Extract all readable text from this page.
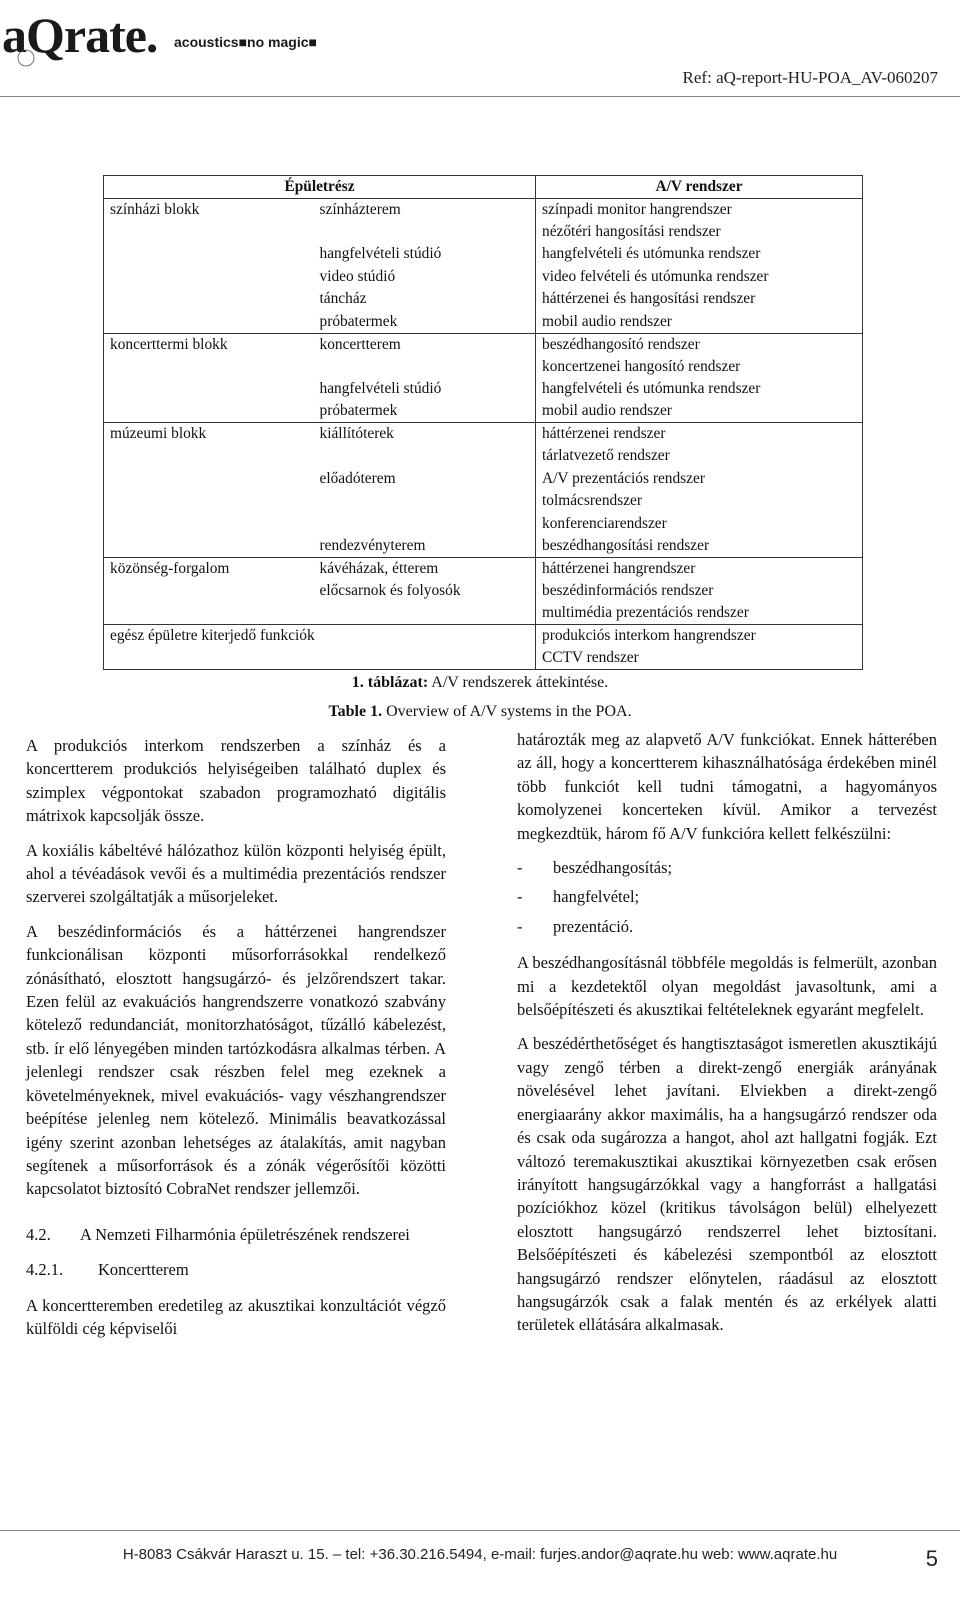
aQrate. acoustics■no magic■
Ref: aQ-report-HU-POA_AV-060207
Épületrész		A/V rendszer
színházi blokk	színházterem	színpadi monitor hangrendszer
		nézőtéri hangosítási rendszer
	hangfelvételi stúdió	hangfelvételi és utómunka rendszer
	video stúdió	video felvételi és utómunka rendszer
	táncház	háttérzenei és hangosítási rendszer
	próbatermek	mobil audio rendszer
koncerttermi blokk	koncertterem	beszédhangosító rendszer
		koncertzenei hangosító rendszer
	hangfelvételi stúdió	hangfelvételi és utómunka rendszer
	próbatermek	mobil audio rendszer
múzeumi blokk	kiállítóterek	háttérzenei rendszer
		tárlatvezető rendszer
	előadóterem	A/V prezentációs rendszer
		tolmácsrendszer
		konferenciarendszer
	rendezvényterem	beszédhangosítási rendszer
közönség-forgalom	kávéházak, étterem	háttérzenei hangrendszer
	előcsarnok és folyosók	beszédinformációs rendszer
		multimédia prezentációs rendszer
egész épületre kiterjedő funkciók		produkciós interkom hangrendszer
		CCTV rendszer
1. táblázat: A/V rendszerek áttekintése.
Table 1. Overview of A/V systems in the POA.

A produkciós interkom rendszerben a színház és a koncertterem produkciós helyiségeiben található duplex és szimplex végpontokat szabadon programozható digitális mátrixok kapcsolják össze.

A koxiális kábeltévé hálózathoz külön központi helyiség épült, ahol a tévéadások vevői és a multimédia prezentációs rendszer szerverei szolgáltatják a műsorjeleket.

A beszédinformációs és a háttérzenei hangrendszer funkcionálisan központi műsorforrásokkal rendelkező zónásítható, elosztott hangsugárzó- és jelzőrendszert takar. Ezen felül az evakuációs hangrendszerre vonatkozó szabvány kötelező redundanciát, monitorzhatóságot, tűzálló kábelezést, stb. ír elő lényegében minden tartózkodásra alkalmas térben. A jelenlegi rendszer csak részben felel meg ezeknek a követelményeknek, mivel evakuációs- vagy vészhangrendszer beépítése jelenleg nem kötelező. Minimális beavatkozással igény szerint azonban lehetséges az átalakítás, amit nagyban segítenek a műsorforrások és a zónák végerősítői közötti kapcsolatot biztosító CobraNet rendszer jellemzői.

4.2.	A Nemzeti Filharmónia épületrészének rendszerei
4.2.1.	Koncertterem

A koncertteremben eredetileg az akusztikai konzultációt végző külföldi cég képviselői

határozták meg az alapvető A/V funkciókat. Ennek hátterében az áll, hogy a koncertterem kihasználhatósága érdekében minél több funkciót kell tudni támogatni, a hagyományos komolyzenei koncerteken kívül. Amikor a tervezést megkezdtük, három fő A/V funkcióra kellett felkészülni:

-	beszédhangosítás;
-	hangfelvétel;
-	prezentáció.

A beszédhangosításnál többféle megoldás is felmerült, azonban mi a kezdetektől olyan megoldást javasoltunk, ami a belsőépítészeti és akusztikai feltételeknek egyaránt megfelelt.

A beszédérthetőséget és hangtisztaságot ismeretlen akusztikájú vagy zengő térben a direkt-zengő energiák arányának növelésével lehet javítani. Elviekben a direkt-zengő energiaarány akkor maximális, ha a hangsugárzó rendszer oda és csak oda sugározza a hangot, ahol azt hallgatni fogják. Ezt változó teremakusztikai akusztikai környezetben csak erősen irányított hangsugárzókkal vagy a hangforrást a hallgatási pozíciókhoz közel (kritikus távolságon belül) elhelyezett elosztott hangsugárzó rendszerrel lehet biztosítani. Belsőépítészeti és kábelezési szempontból az elosztott hangsugárzó rendszer előnytelen, ráadásul az elosztott hangsugárzók csak a falak mentén és az erkélyek alatti területek ellátására alkalmasak.

H-8083 Csákvár Haraszt u. 15. – tel: +36.30.216.5494, e-mail: furjes.andor@aqrate.hu web: www.aqrate.hu	5
